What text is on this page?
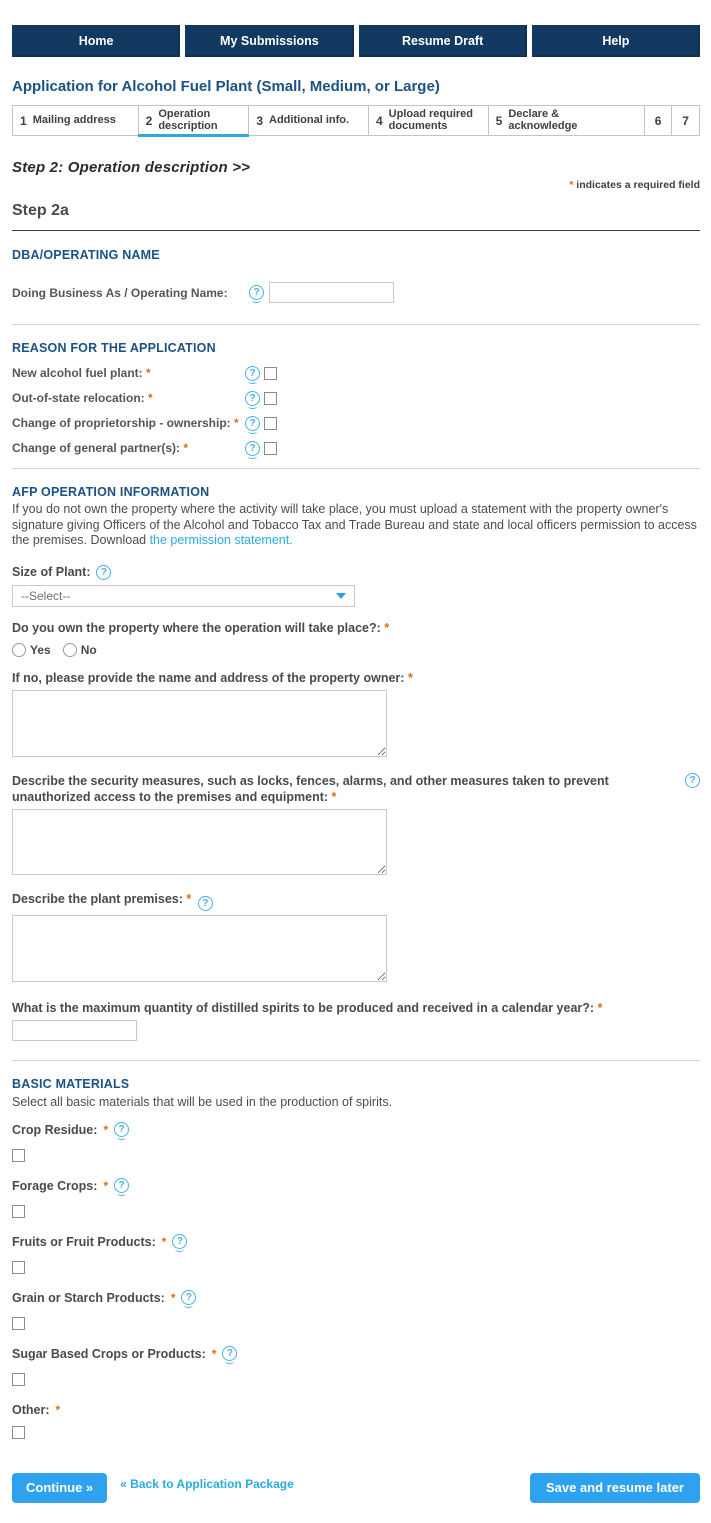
Home	My Submissions	Resume Draft	Help
Application for Alcohol Fuel Plant (Small, Medium, or Large)
1 Mailing address 2 Operation description	3 Additional info. 4 Upload required documents	5 Declare & acknowledge	6 7
Step 2: Operation description >>
* indicates a required field
Step 2a
DBA/OPERATING NAME
Doing Business As / Operating Name:
?
REASON FOR THE APPLICATION
New alcohol fuel plant: *
?
Out-of-state relocation: *
?
Change of proprietorship - ownership: *
?
Change of general partner(s): *
?
AFP OPERATION INFORMATION
If you do not own the property where the activity will take place, you must upload a statement with the property owner's signature giving Officers of the Alcohol and Tobacco Tax and Trade Bureau and state and local officers permission to access the premises. Download the permission statement.
Size of Plant:
?
--Select--
Do you own the property where the operation will take place?: *
Yes	No
If no, please provide the name and address of the property owner: *
Describe the security measures, such as locks, fences, alarms, and other measures taken to prevent unauthorized access to the premises and equipment: *
?
Describe the plant premises: * ?
What is the maximum quantity of distilled spirits to be produced and received in a calendar year?: *
BASIC MATERIALS
Select all basic materials that will be used in the production of spirits.
Crop Residue: *
?
Forage Crops: *
?
Fruits or Fruit Products: *
?
Grain or Starch Products: *
?
Sugar Based Crops or Products: *
?
Other: *
Continue »	« Back to Application Package	Save and resume later
